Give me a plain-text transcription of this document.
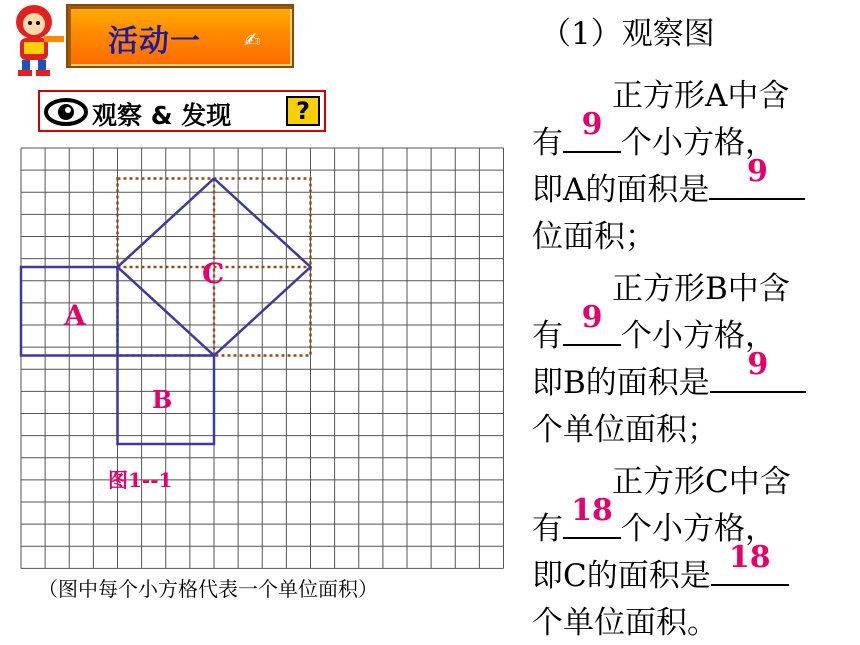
活动一 ✍
观察 & 发现	?
A
B
C
图1--1
（图中每个小方格代表一个单位面积）
（1）观察图
正方形A中含
有
9
个小方格，
即A的面积是
9
位面积；
正方形B中含
有
9
个小方格，
即B的面积是
9
个单位面积；
正方形C中含
有
18
个小方格，
即C的面积是
18
个单位面积。
